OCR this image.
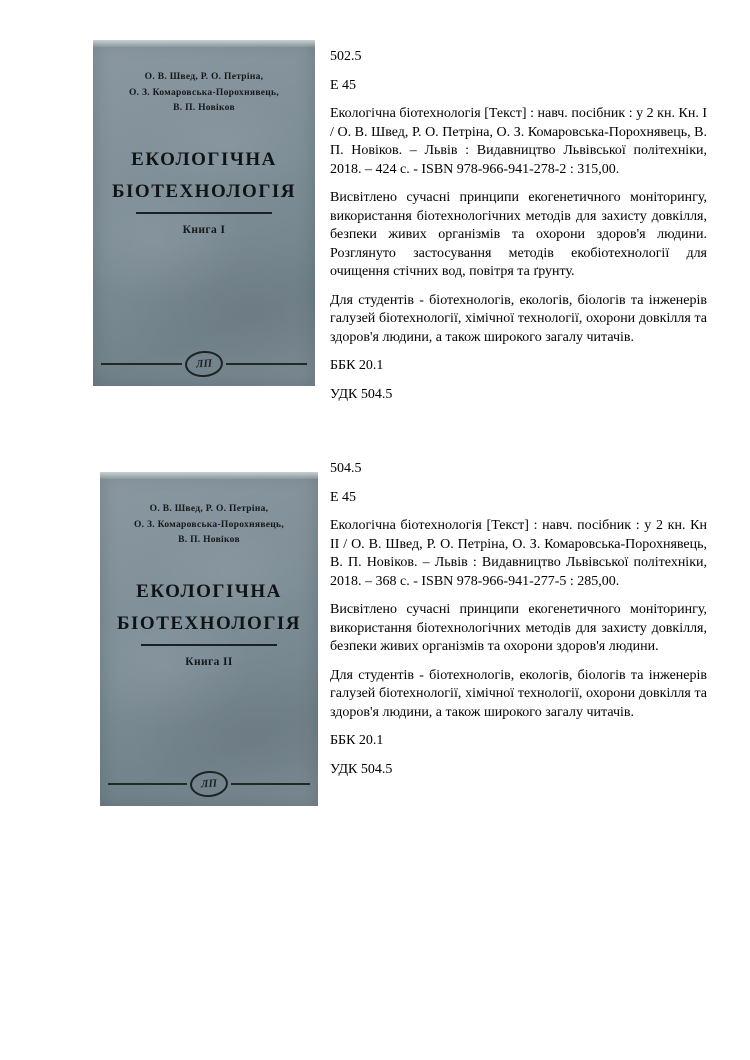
О. В. Швед, Р. О. Петріна,
О. З. Комаровська-Порохнявець,
В. П. Новіков
ЕКОЛОГІЧНА
БІОТЕХНОЛОГІЯ
Книга І
ЛП

502.5

Е 45

Екологічна біотехнологія [Текст] : навч. посібник : у 2 кн. Кн. І / О. В. Швед, Р. О. Петріна, О. З. Комаровська-Порохнявець, В. П. Новіков. – Львів : Видавництво Львівської політехніки, 2018. – 424 с. - ISBN 978-966-941-278-2 : 315,00.

Висвітлено сучасні принципи екогенетичного моніторингу, використання біотехнологічних методів для захисту довкілля, безпеки живих організмів та охорони здоров'я людини. Розглянуто застосування методів екобіотехнології для очищення стічних вод, повітря та ґрунту.

Для студентів - біотехнологів, екологів, біологів та інженерів галузей біотехнології, хімічної технології, охорони довкілля та здоров'я людини, а також широкого загалу читачів.

ББК 20.1

УДК 504.5

О. В. Швед, Р. О. Петріна,
О. З. Комаровська-Порохнявець,
В. П. Новіков
ЕКОЛОГІЧНА
БІОТЕХНОЛОГІЯ
Книга ІІ
ЛП

504.5

Е 45

Екологічна біотехнологія [Текст] : навч. посібник : у 2 кн. Кн ІІ / О. В. Швед, Р. О. Петріна, О. З. Комаровська-Порохнявець, В. П. Новіков. – Львів : Видавництво Львівської політехніки, 2018. – 368 с. - ISBN 978-966-941-277-5 : 285,00.

Висвітлено сучасні принципи екогенетичного моніторингу, використання біотехнологічних методів для захисту довкілля, безпеки живих організмів та охорони здоров'я людини.

Для студентів - біотехнологів, екологів, біологів та інженерів галузей біотехнології, хімічної технології, охорони довкілля та здоров'я людини, а також широкого загалу читачів.

ББК 20.1

УДК 504.5
